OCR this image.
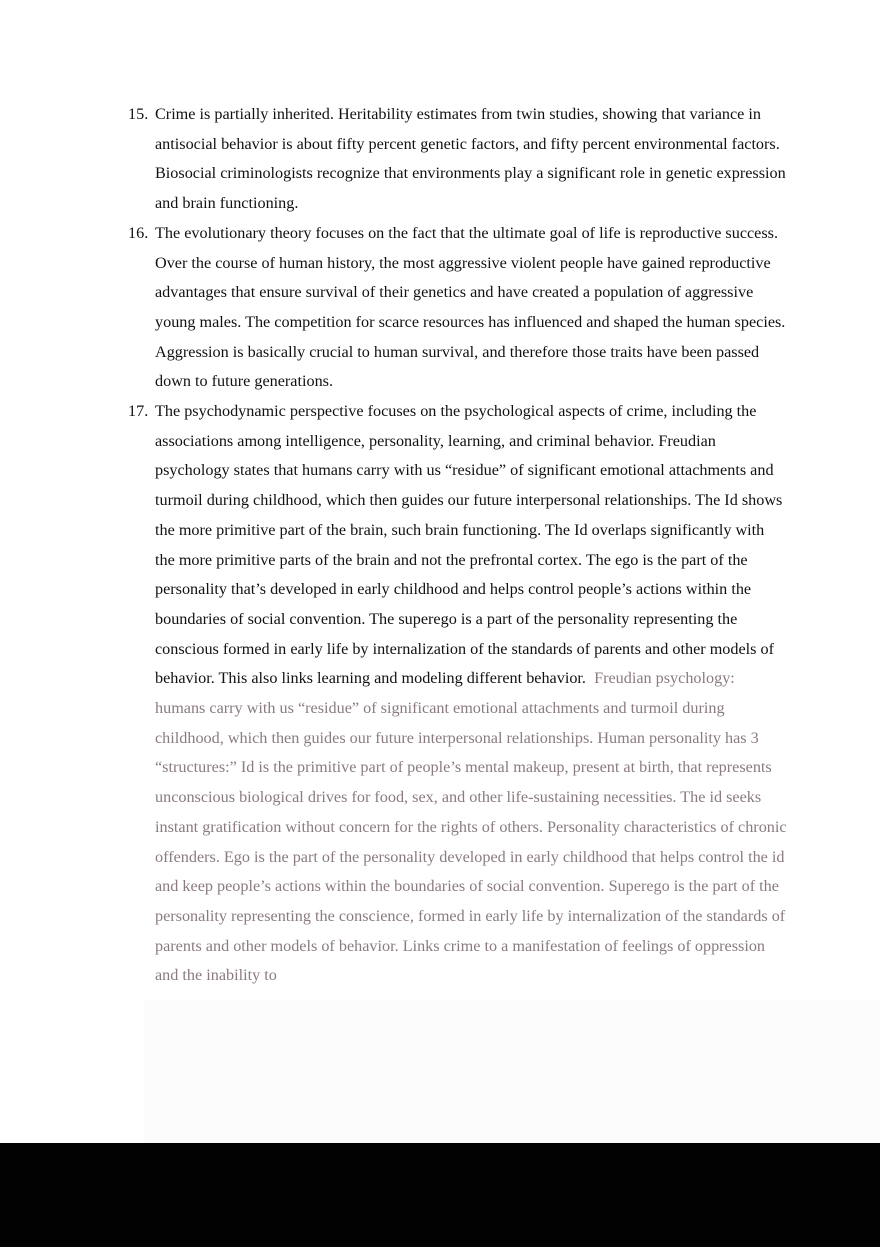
15. Crime is partially inherited. Heritability estimates from twin studies, showing that variance in antisocial behavior is about fifty percent genetic factors, and fifty percent environmental factors. Biosocial criminologists recognize that environments play a significant role in genetic expression and brain functioning.
16. The evolutionary theory focuses on the fact that the ultimate goal of life is reproductive success. Over the course of human history, the most aggressive violent people have gained reproductive advantages that ensure survival of their genetics and have created a population of aggressive young males. The competition for scarce resources has influenced and shaped the human species. Aggression is basically crucial to human survival, and therefore those traits have been passed down to future generations.
17. The psychodynamic perspective focuses on the psychological aspects of crime, including the associations among intelligence, personality, learning, and criminal behavior. Freudian psychology states that humans carry with us “residue” of significant emotional attachments and turmoil during childhood, which then guides our future interpersonal relationships. The Id shows the more primitive part of the brain, such brain functioning. The Id overlaps significantly with the more primitive parts of the brain and not the prefrontal cortex. The ego is the part of the personality that’s developed in early childhood and helps control people’s actions within the boundaries of social convention. The superego is a part of the personality representing the conscious formed in early life by internalization of the standards of parents and other models of behavior. This also links learning and modeling different behavior. Freudian psychology: humans carry with us “residue” of significant emotional attachments and turmoil during childhood, which then guides our future interpersonal relationships. Human personality has 3 “structures:” Id is the primitive part of people’s mental makeup, present at birth, that represents unconscious biological drives for food, sex, and other life-sustaining necessities. The id seeks instant gratification without concern for the rights of others. Personality characteristics of chronic offenders. Ego is the part of the personality developed in early childhood that helps control the id and keep people’s actions within the boundaries of social convention. Superego is the part of the personality representing the conscience, formed in early life by internalization of the standards of parents and other models of behavior. Links crime to a manifestation of feelings of oppression and the inability to
